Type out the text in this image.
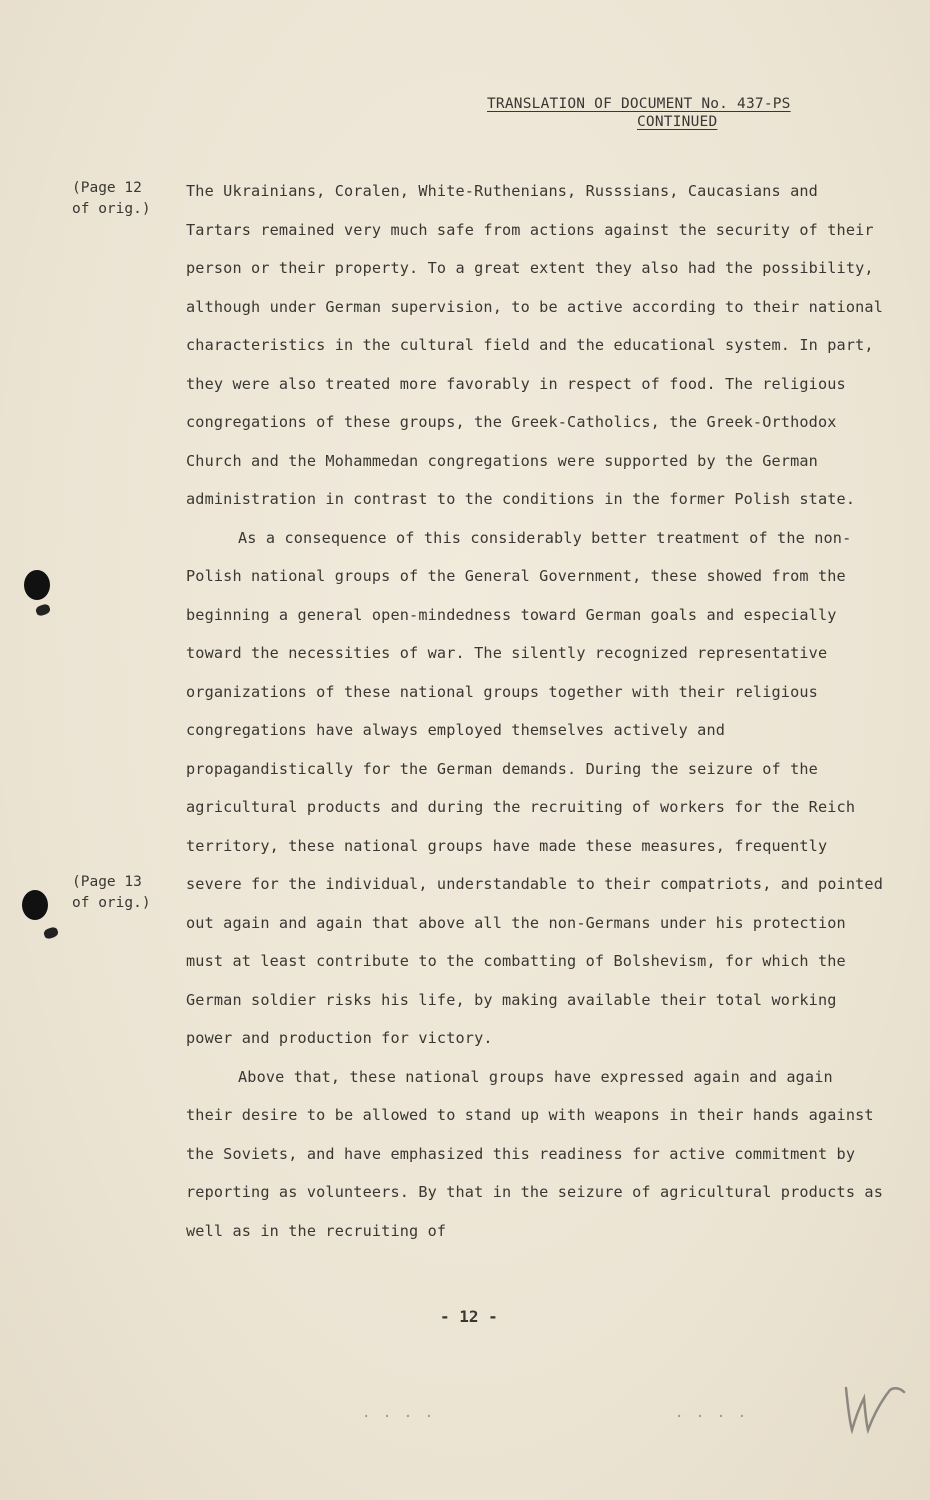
TRANSLATION OF DOCUMENT No. 437-PS
CONTINUED
(Page 12
of orig.)
(Page 13
of orig.)

The Ukrainians, Coralen, White-Ruthenians, Russsians, Caucasians and Tartars remained very much safe from actions against the security of their person or their property. To a great extent they also had the possibility, although under German supervision, to be active according to their national characteristics in the cultural field and the educational system. In part, they were also treated more favorably in respect of food. The religious congregations of these groups, the Greek-Catholics, the Greek-Orthodox Church and the Mohammedan congregations were supported by the German administration in contrast to the conditions in the former Polish state.

As a consequence of this considerably better treatment of the non-Polish national groups of the General Government, these showed from the beginning a general open-mindedness toward German goals and especially toward the necessities of war. The silently recognized representative organizations of these national groups together with their religious congregations have always employed themselves actively and propagandistically for the German demands. During the seizure of the agricultural products and during the recruiting of workers for the Reich territory, these national groups have made these measures, frequently severe for the individual, understandable to their compatriots, and pointed out again and again that above all the non-Germans under his protection must at least contribute to the combatting of Bolshevism, for which the German soldier risks his life, by making available their total working power and production for victory.

Above that, these national groups have expressed again and again their desire to be allowed to stand up with weapons in their hands against the Soviets, and have emphasized this readiness for active commitment by reporting as volunteers. By that in the seizure of agricultural products as well as in the recruiting of

- 12 -
. . . .	. . . .
